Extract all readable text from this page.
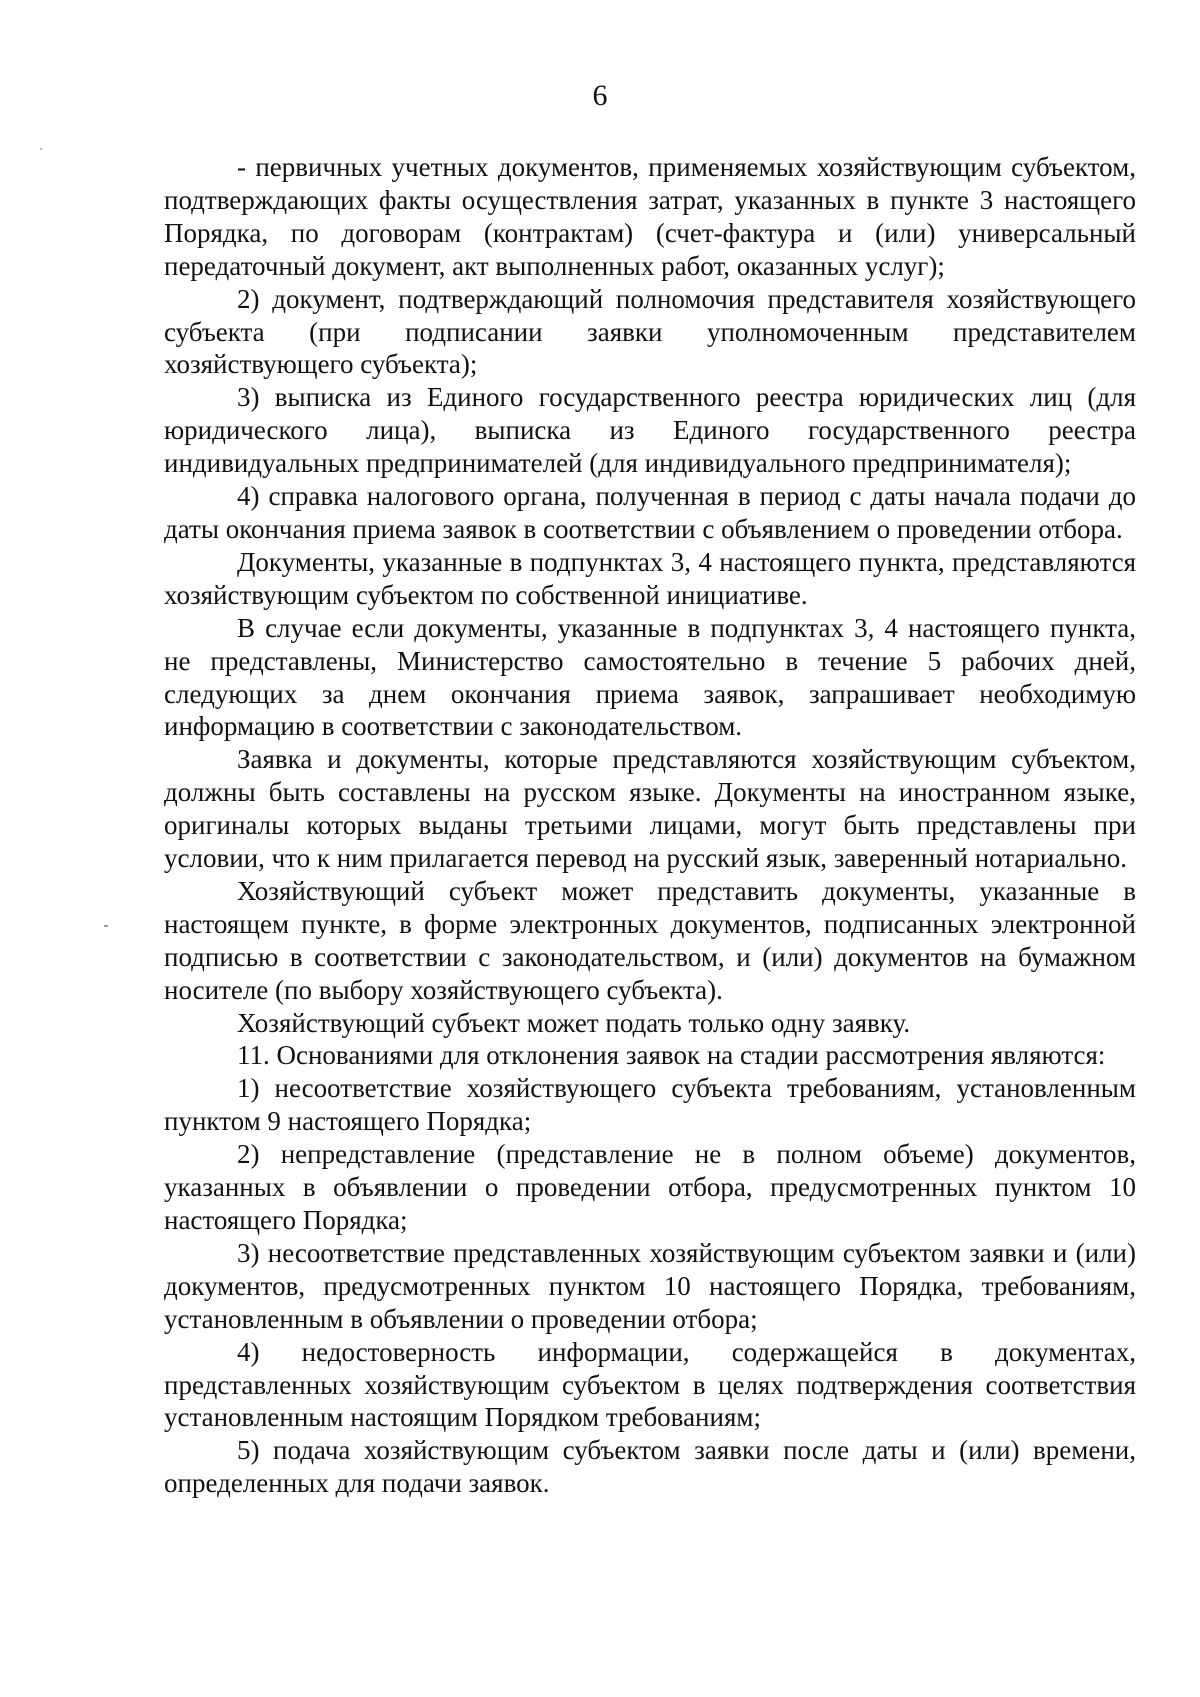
6

- первичных учетных документов, применяемых хозяйствующим субъектом, подтверждающих факты осуществления затрат, указанных в пункте 3 настоящего Порядка, по договорам (контрактам) (счет-фактура и (или) универсальный передаточный документ, акт выполненных работ, оказанных услуг);

2) документ, подтверждающий полномочия представителя хозяйствующего субъекта (при подписании заявки уполномоченным представителем хозяйствующего субъекта);

3) выписка из Единого государственного реестра юридических лиц (для юридического лица), выписка из Единого государственного реестра индивидуальных предпринимателей (для индивидуального предпринимателя);

4) справка налогового органа, полученная в период с даты начала подачи до даты окончания приема заявок в соответствии с объявлением о проведении отбора.

Документы, указанные в подпунктах 3, 4 настоящего пункта, представляются хозяйствующим субъектом по собственной инициативе.

В случае если документы, указанные в подпунктах 3, 4 настоящего пункта, не представлены, Министерство самостоятельно в течение 5 рабочих дней, следующих за днем окончания приема заявок, запрашивает необходимую информацию в соответствии с законодательством.

Заявка и документы, которые представляются хозяйствующим субъектом, должны быть составлены на русском языке. Документы на иностранном языке, оригиналы которых выданы третьими лицами, могут быть представлены при условии, что к ним прилагается перевод на русский язык, заверенный нотариально.

Хозяйствующий субъект может представить документы, указанные в настоящем пункте, в форме электронных документов, подписанных электронной подписью в соответствии с законодательством, и (или) документов на бумажном носителе (по выбору хозяйствующего субъекта).

Хозяйствующий субъект может подать только одну заявку.

11. Основаниями для отклонения заявок на стадии рассмотрения являются:

1) несоответствие хозяйствующего субъекта требованиям, установленным пунктом 9 настоящего Порядка;

2) непредставление (представление не в полном объеме) документов, указанных в объявлении о проведении отбора, предусмотренных пунктом 10 настоящего Порядка;

3) несоответствие представленных хозяйствующим субъектом заявки и (или) документов, предусмотренных пунктом 10 настоящего Порядка, требованиям, установленным в объявлении о проведении отбора;

4) недостоверность информации, содержащейся в документах, представленных хозяйствующим субъектом в целях подтверждения соответствия установленным настоящим Порядком требованиям;

5) подача хозяйствующим субъектом заявки после даты и (или) времени, определенных для подачи заявок.
